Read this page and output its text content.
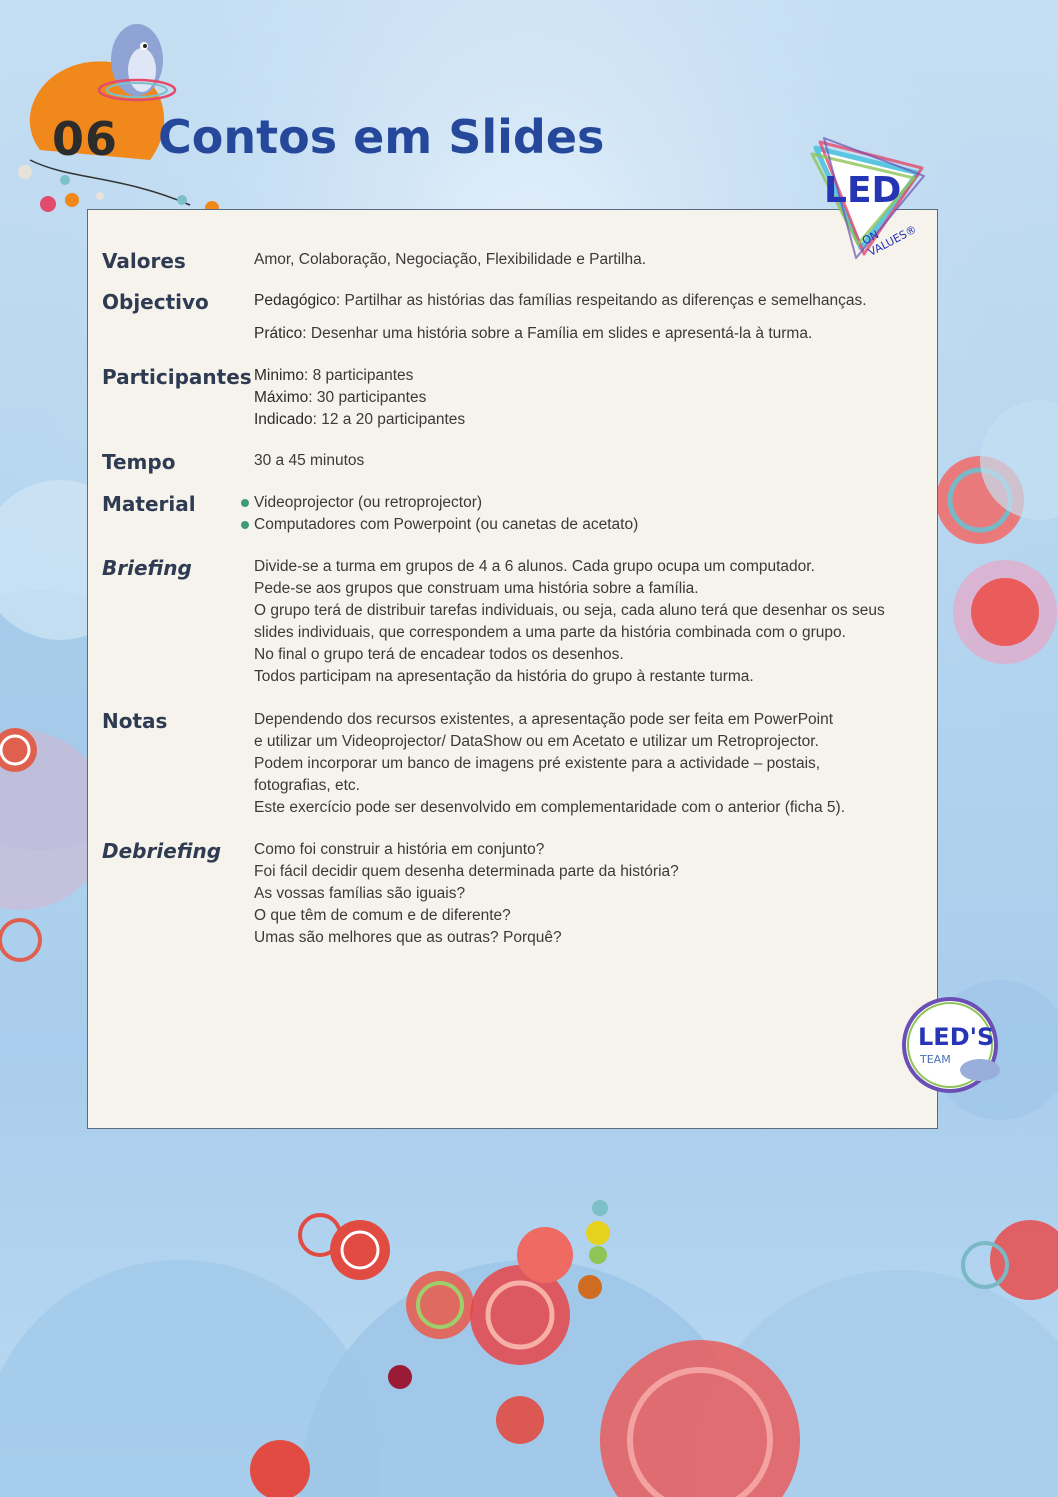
06 Contos em Slides
LED
ON VALUES®
LED'S
TEAM
Valores	Amor, Colaboração, Negociação, Flexibilidade e Partilha.

Objectivo	Pedagógico: Partilhar as histórias das famílias respeitando as diferenças e semelhanças.

Prático: Desenhar uma história sobre a Família em slides e apresentá-la à turma.

Participantes Minimo: 8 participantes

Máximo: 30 participantes

Indicado: 12 a 20 participantes

Tempo	30 a 45 minutos

Material	Videoprojector (ou retroprojector)

Computadores com Powerpoint (ou canetas de acetato)

Briefing	Divide-se a turma em grupos de 4 a 6 alunos. Cada grupo ocupa um computador.

Pede-se aos grupos que construam uma história sobre a família.

O grupo terá de distribuir tarefas individuais, ou seja, cada aluno terá que desenhar os seus

slides individuais, que correspondem a uma parte da história combinada com o grupo.

No final o grupo terá de encadear todos os desenhos.

Todos participam na apresentação da história do grupo à restante turma.

Notas	Dependendo dos recursos existentes, a apresentação pode ser feita em PowerPoint

e utilizar um Videoprojector/ DataShow ou em Acetato e utilizar um Retroprojector.

Podem incorporar um banco de imagens pré existente para a actividade – postais,

fotografias, etc.

Este exercício pode ser desenvolvido em complementaridade com o anterior (ficha 5).

Debriefing	Como foi construir a história em conjunto?

Foi fácil decidir quem desenha determinada parte da história?

As vossas famílias são iguais?

O que têm de comum e de diferente?

Umas são melhores que as outras? Porquê?
